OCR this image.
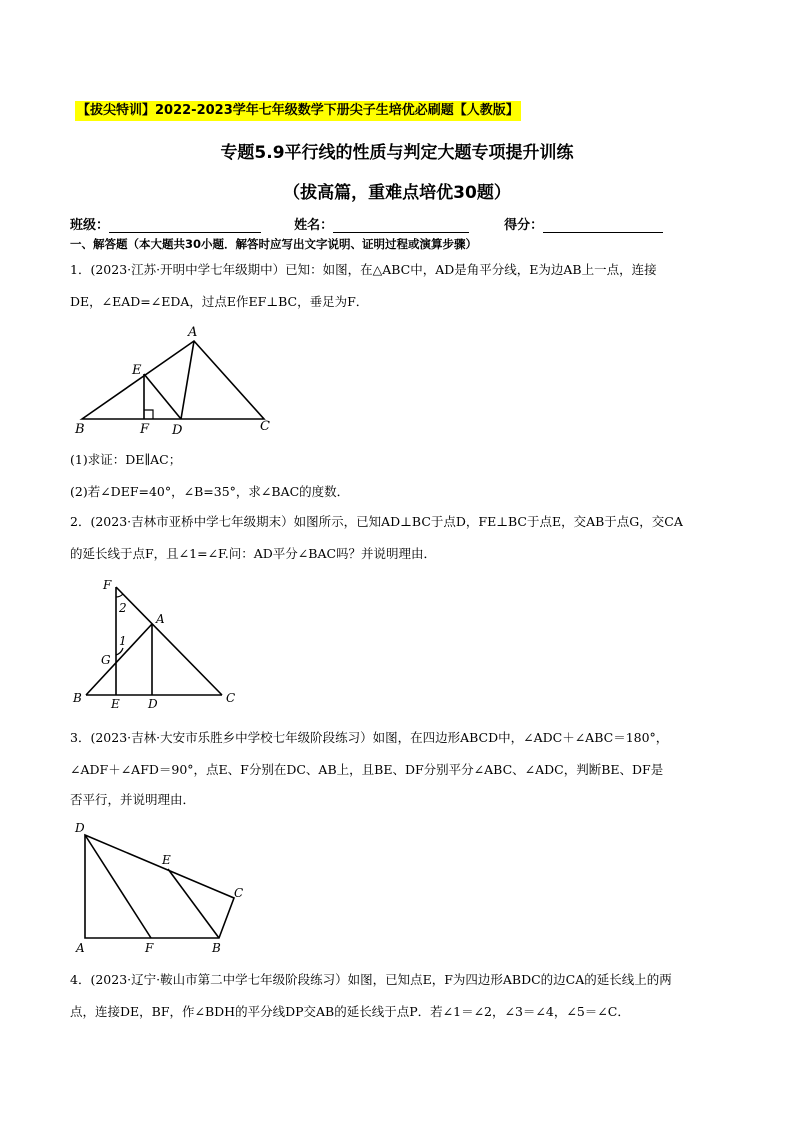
【拔尖特训】2022-2023学年七年级数学下册尖子生培优必刷题【人教版】
专题5.9平行线的性质与判定大题专项提升训练
（拔高篇，重难点培优30题）
班级：	姓名：	得分：
一、解答题（本大题共30小题．解答时应写出文字说明、证明过程或演算步骤）
1．(2023·江苏·开明中学七年级期中）已知：如图，在△ABC中，AD是角平分线，E为边AB上一点，连接
DE，∠EAD=∠EDA，过点E作EF⊥BC，垂足为F．
A
E
B	F D	C
(1)求证：DE∥AC；
(2)若∠DEF=40°，∠B=35°，求∠BAC的度数．
2．(2023·吉林市亚桥中学七年级期末）如图所示，已知AD⊥BC于点D，FE⊥BC于点E，交AB于点G，交CA
的延长线于点F，且∠1=∠F.问：AD平分∠BAC吗？并说明理由．
F
2
A
1
G
B E D	C
3．(2023·吉林·大安市乐胜乡中学校七年级阶段练习）如图，在四边形ABCD中，∠ADC＋∠ABC＝180°，
∠ADF＋∠AFD＝90°，点E、F分别在DC、AB上，且BE、DF分别平分∠ABC、∠ADC，判断BE、DF是
否平行，并说明理由．
D
E
C
A	F	B
4．(2023·辽宁·鞍山市第二中学七年级阶段练习）如图，已知点E，F为四边形ABDC的边CA的延长线上的两
点，连接DE，BF，作∠BDH的平分线DP交AB的延长线于点P．若∠1＝∠2，∠3＝∠4，∠5＝∠C．
